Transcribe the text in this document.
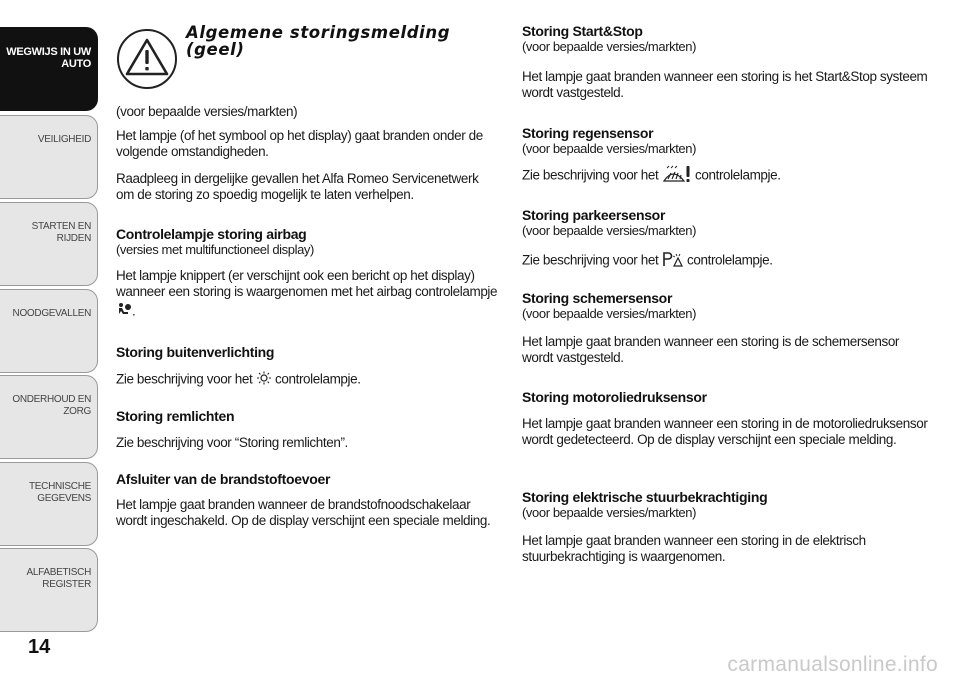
WEGWIJS IN UW AUTO
VEILIGHEID
STARTEN EN RIJDEN
NOODGEVALLEN
ONDERHOUD EN ZORG
TECHNISCHE GEGEVENS
ALFABETISCH REGISTER
14
Algemene storingsmelding (geel)

(voor bepaalde versies/markten)

Het lampje (of het symbool op het display) gaat branden onder de volgende omstandigheden.

Raadpleeg in dergelijke gevallen het Alfa Romeo Servicenetwerk om de storing zo spoedig mogelijk te laten verhelpen.

Controlelampje storing airbag

(versies met multifunctioneel display)

Het lampje knippert (er verschijnt ook een bericht op het display) wanneer een storing is waargenomen met het airbag controlelampje

.

Storing buitenverlichting

Zie beschrijving voor het controlelampje.

Storing remlichten

Zie beschrijving voor “Storing remlichten”.

Afsluiter van de brandstoftoevoer

Het lampje gaat branden wanneer de brandstofnoodschakelaar wordt ingeschakeld. Op de display verschijnt een speciale melding.

Storing Start&Stop

(voor bepaalde versies/markten)

Het lampje gaat branden wanneer een storing is het Start&Stop systeem wordt vastgesteld.

Storing regensensor

(voor bepaalde versies/markten)

Zie beschrijving voor het	controlelampje.

Storing parkeersensor

(voor bepaalde versies/markten)

Zie beschrijving voor het controlelampje.

Storing schemersensor

(voor bepaalde versies/markten)

Het lampje gaat branden wanneer een storing is de schemersensor wordt vastgesteld.

Storing motoroliedruksensor

Het lampje gaat branden wanneer een storing in de motoroliedruksensor wordt gedetecteerd. Op de display verschijnt een speciale melding.

Storing elektrische stuurbekrachtiging

(voor bepaalde versies/markten)

Het lampje gaat branden wanneer een storing in de elektrisch stuurbekrachtiging is waargenomen.

carmanualsonline.info
